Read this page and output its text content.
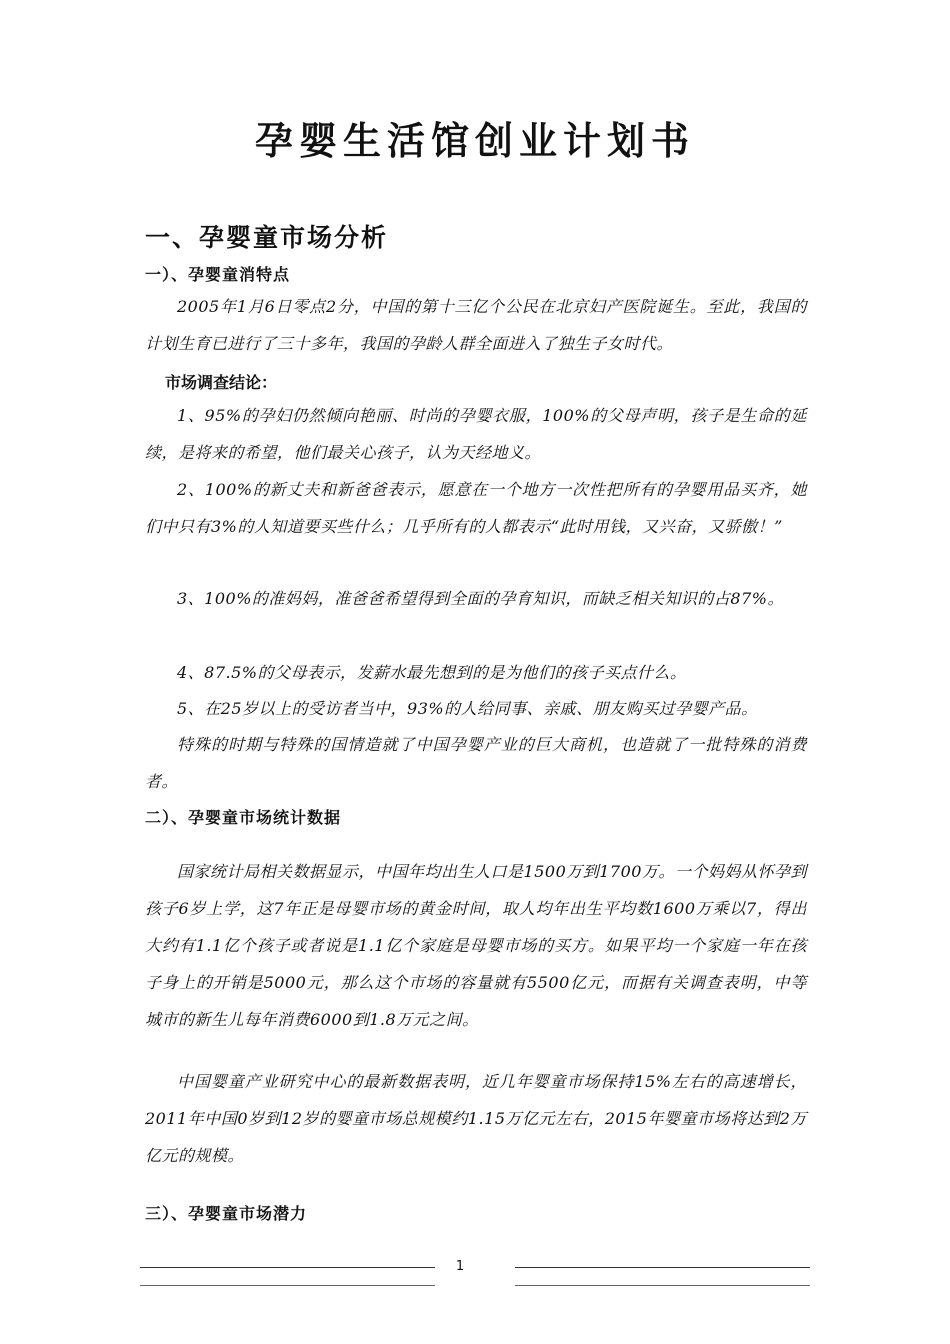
孕婴生活馆创业计划书
一、孕婴童市场分析
一）、孕婴童消特点
2005年1月6日零点2分，中国的第十三亿个公民在北京妇产医院诞生。至此，我国的计划生育已进行了三十多年，我国的孕龄人群全面进入了独生子女时代。
市场调查结论：
1、95%的孕妇仍然倾向艳丽、时尚的孕婴衣服，100%的父母声明，孩子是生命的延续，是将来的希望，他们最关心孩子，认为天经地义。
2、100%的新丈夫和新爸爸表示，愿意在一个地方一次性把所有的孕婴用品买齐，她们中只有3%的人知道要买些什么；几乎所有的人都表示“此时用钱，又兴奋，又骄傲！”
3、100%的准妈妈，准爸爸希望得到全面的孕育知识，而缺乏相关知识的占87%。
4、87.5%的父母表示，发薪水最先想到的是为他们的孩子买点什么。
5、在25岁以上的受访者当中，93%的人给同事、亲戚、朋友购买过孕婴产品。
特殊的时期与特殊的国情造就了中国孕婴产业的巨大商机，也造就了一批特殊的消费者。
二）、孕婴童市场统计数据
国家统计局相关数据显示，中国年均出生人口是1500万到1700万。一个妈妈从怀孕到孩子6岁上学，这7年正是母婴市场的黄金时间，取人均年出生平均数1600万乘以7，得出大约有1.1亿个孩子或者说是1.1亿个家庭是母婴市场的买方。如果平均一个家庭一年在孩子身上的开销是5000元，那么这个市场的容量就有5500亿元，而据有关调查表明，中等城市的新生儿每年消费6000到1.8万元之间。
中国婴童产业研究中心的最新数据表明，近几年婴童市场保持15%左右的高速增长，2011年中国0岁到12岁的婴童市场总规模约1.15万亿元左右，2015年婴童市场将达到2万亿元的规模。
三）、孕婴童市场潜力
1
